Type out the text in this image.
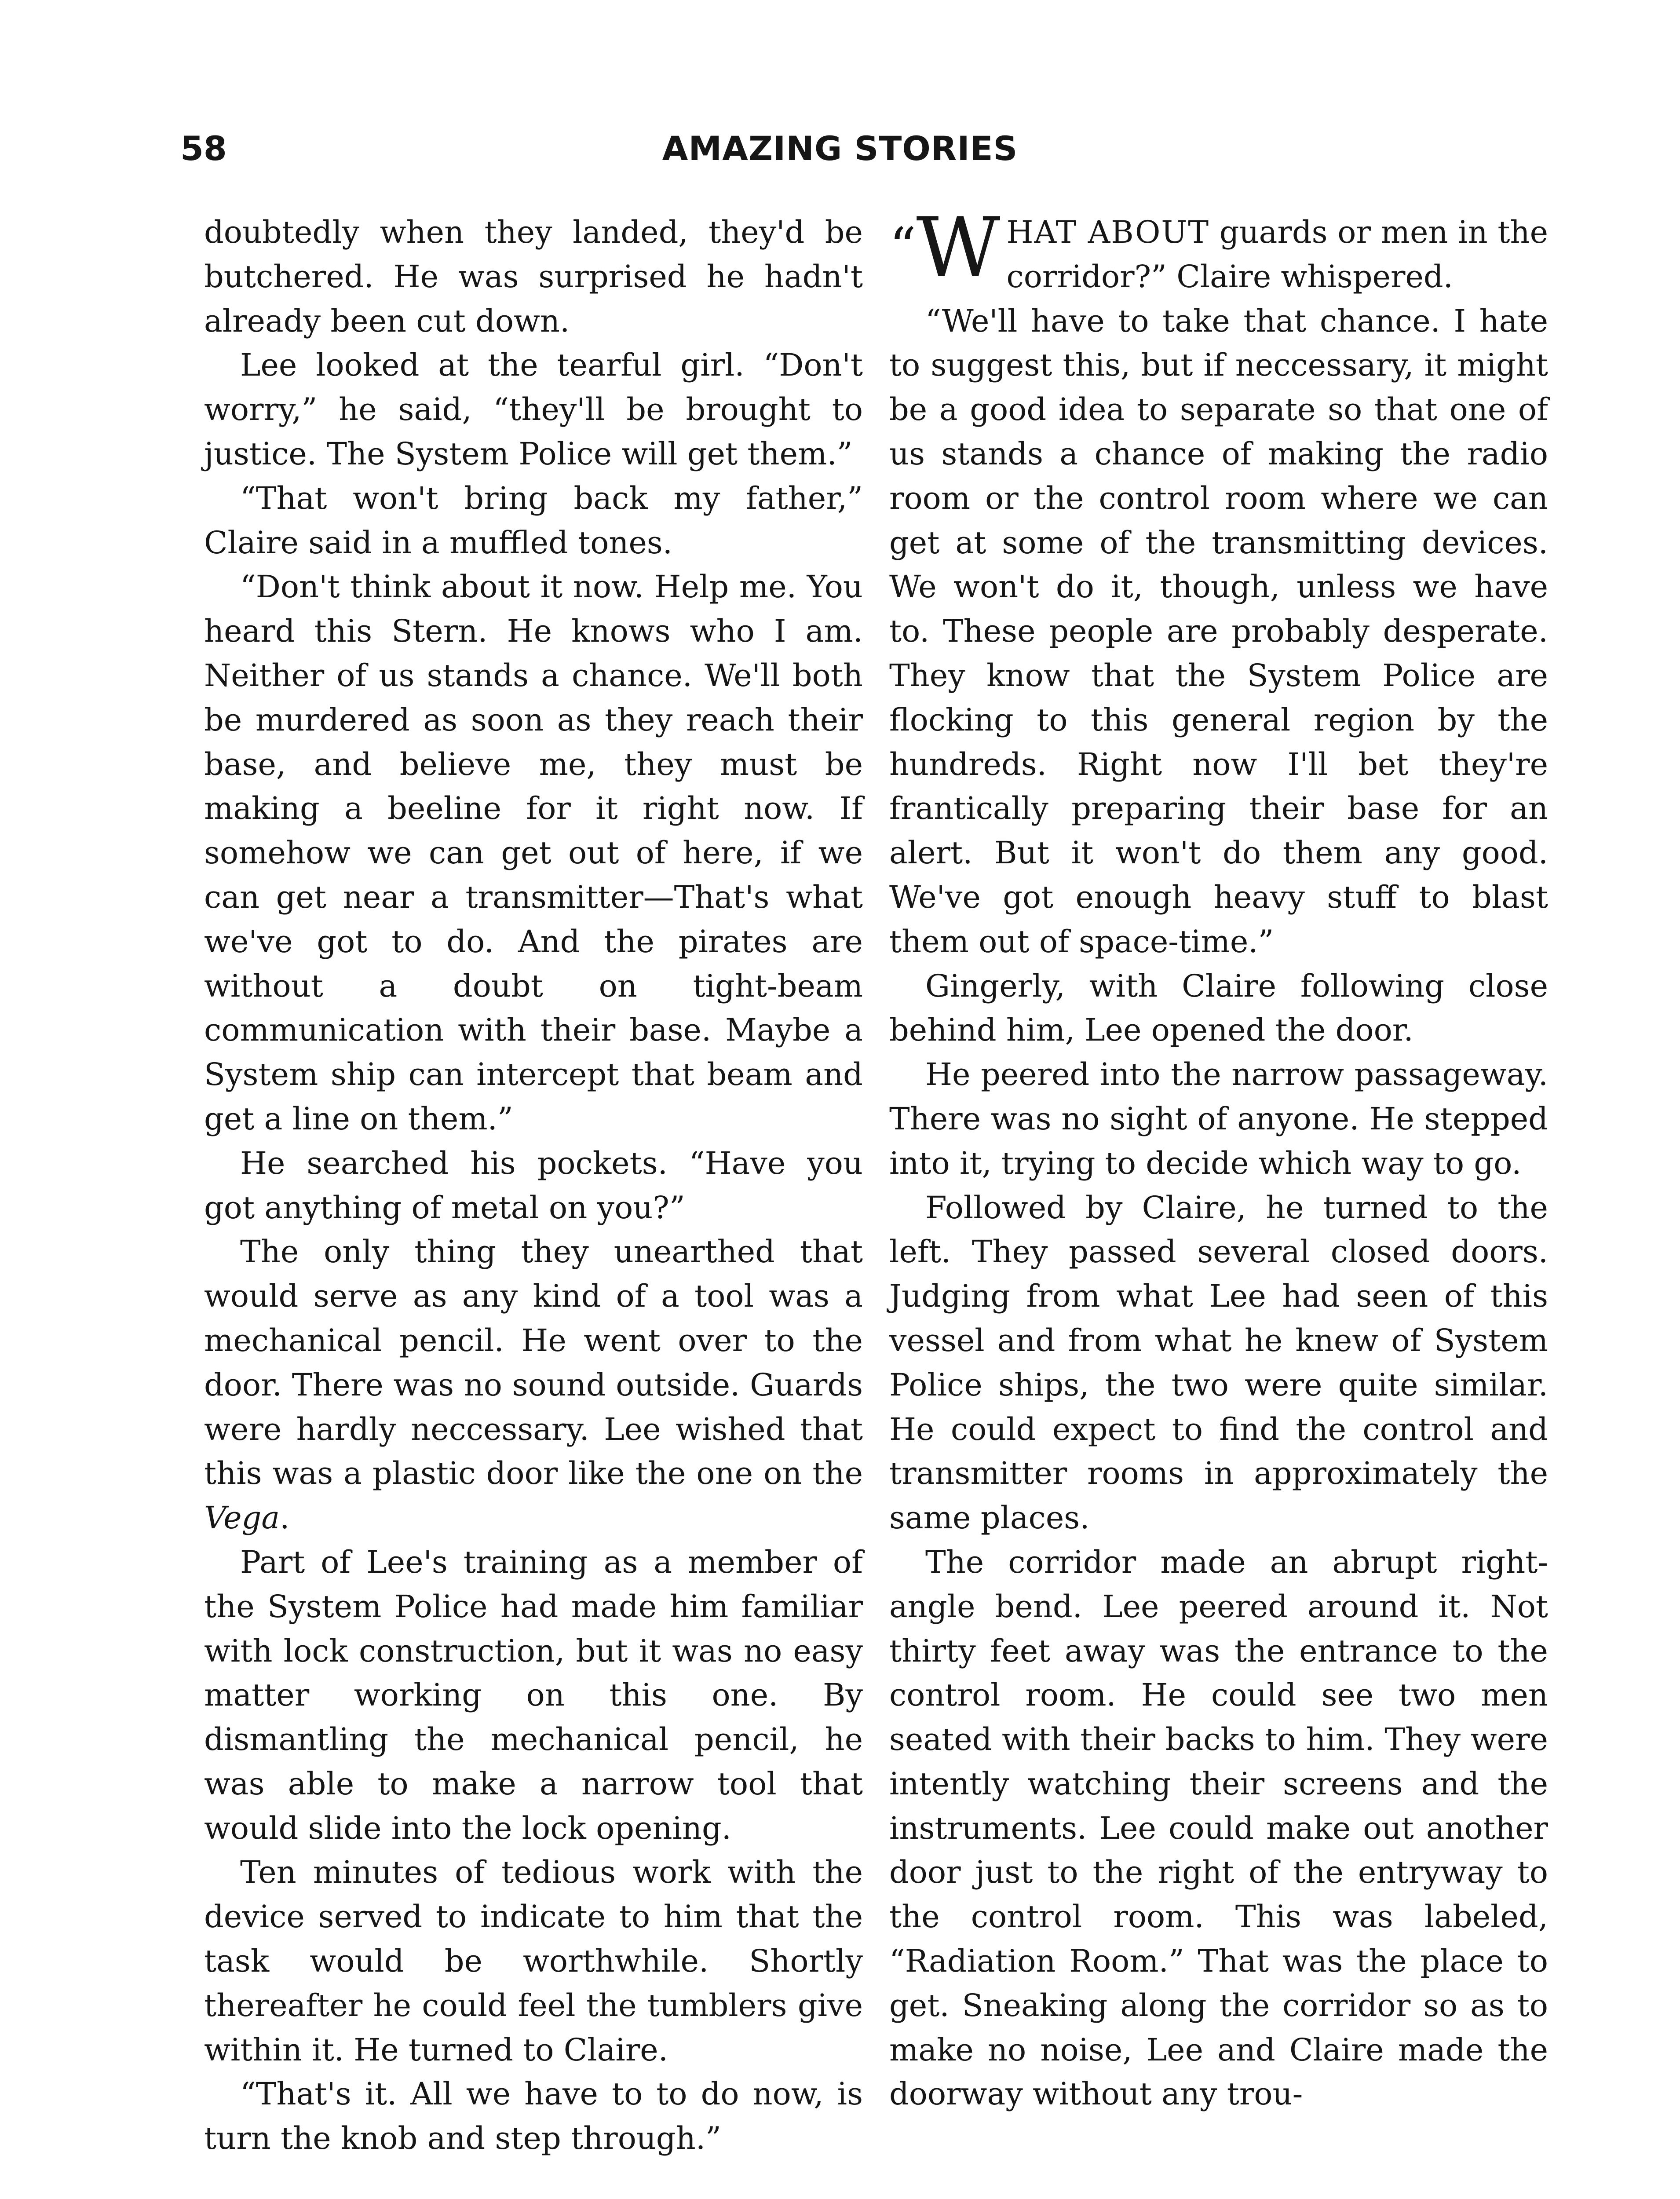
58	AMAZING STORIES

doubtedly when they landed, they'd be butchered. He was surprised he hadn't already been cut down.

Lee looked at the tearful girl. “Don't worry,” he said, “they'll be brought to justice. The System Police will get them.”

“That won't bring back my father,” Claire said in a muffled tones.

“Don't think about it now. Help me. You heard this Stern. He knows who I am. Neither of us stands a chance. We'll both be murdered as soon as they reach their base, and believe me, they must be making a beeline for it right now. If somehow we can get out of here, if we can get near a transmitter—That's what we've got to do. And the pirates are without a doubt on tight-beam communication with their base. Maybe a System ship can intercept that beam and get a line on them.”

He searched his pockets. “Have you got anything of metal on you?”

The only thing they unearthed that would serve as any kind of a tool was a mechanical pencil. He went over to the door. There was no sound outside. Guards were hardly neccessary. Lee wished that this was a plastic door like the one on the Vega.

Part of Lee's training as a member of the System Police had made him familiar with lock construction, but it was no easy matter working on this one. By dismantling the mechanical pencil, he was able to make a narrow tool that would slide into the lock opening.

Ten minutes of tedious work with the device served to indicate to him that the task would be worthwhile. Shortly thereafter he could feel the tumblers give within it. He turned to Claire.

“That's it. All we have to to do now, is turn the knob and step through.”

“W HAT ABOUT guards or men in the corridor?” Claire whispered.

“We'll have to take that chance. I hate to suggest this, but if neccessary, it might be a good idea to separate so that one of us stands a chance of making the radio room or the control room where we can get at some of the transmitting devices. We won't do it, though, unless we have to. These people are probably desperate. They know that the System Police are flocking to this general region by the hundreds. Right now I'll bet they're frantically preparing their base for an alert. But it won't do them any good. We've got enough heavy stuff to blast them out of space-time.”

Gingerly, with Claire following close behind him, Lee opened the door.

He peered into the narrow passageway. There was no sight of anyone. He stepped into it, trying to decide which way to go.

Followed by Claire, he turned to the left. They passed several closed doors. Judging from what Lee had seen of this vessel and from what he knew of System Police ships, the two were quite similar. He could expect to find the control and transmitter rooms in approximately the same places.

The corridor made an abrupt right-angle bend. Lee peered around it. Not thirty feet away was the entrance to the control room. He could see two men seated with their backs to him. They were intently watching their screens and the instruments. Lee could make out another door just to the right of the entryway to the control room. This was labeled, “Radiation Room.” That was the place to get. Sneaking along the corridor so as to make no noise, Lee and Claire made the doorway without any trou-
